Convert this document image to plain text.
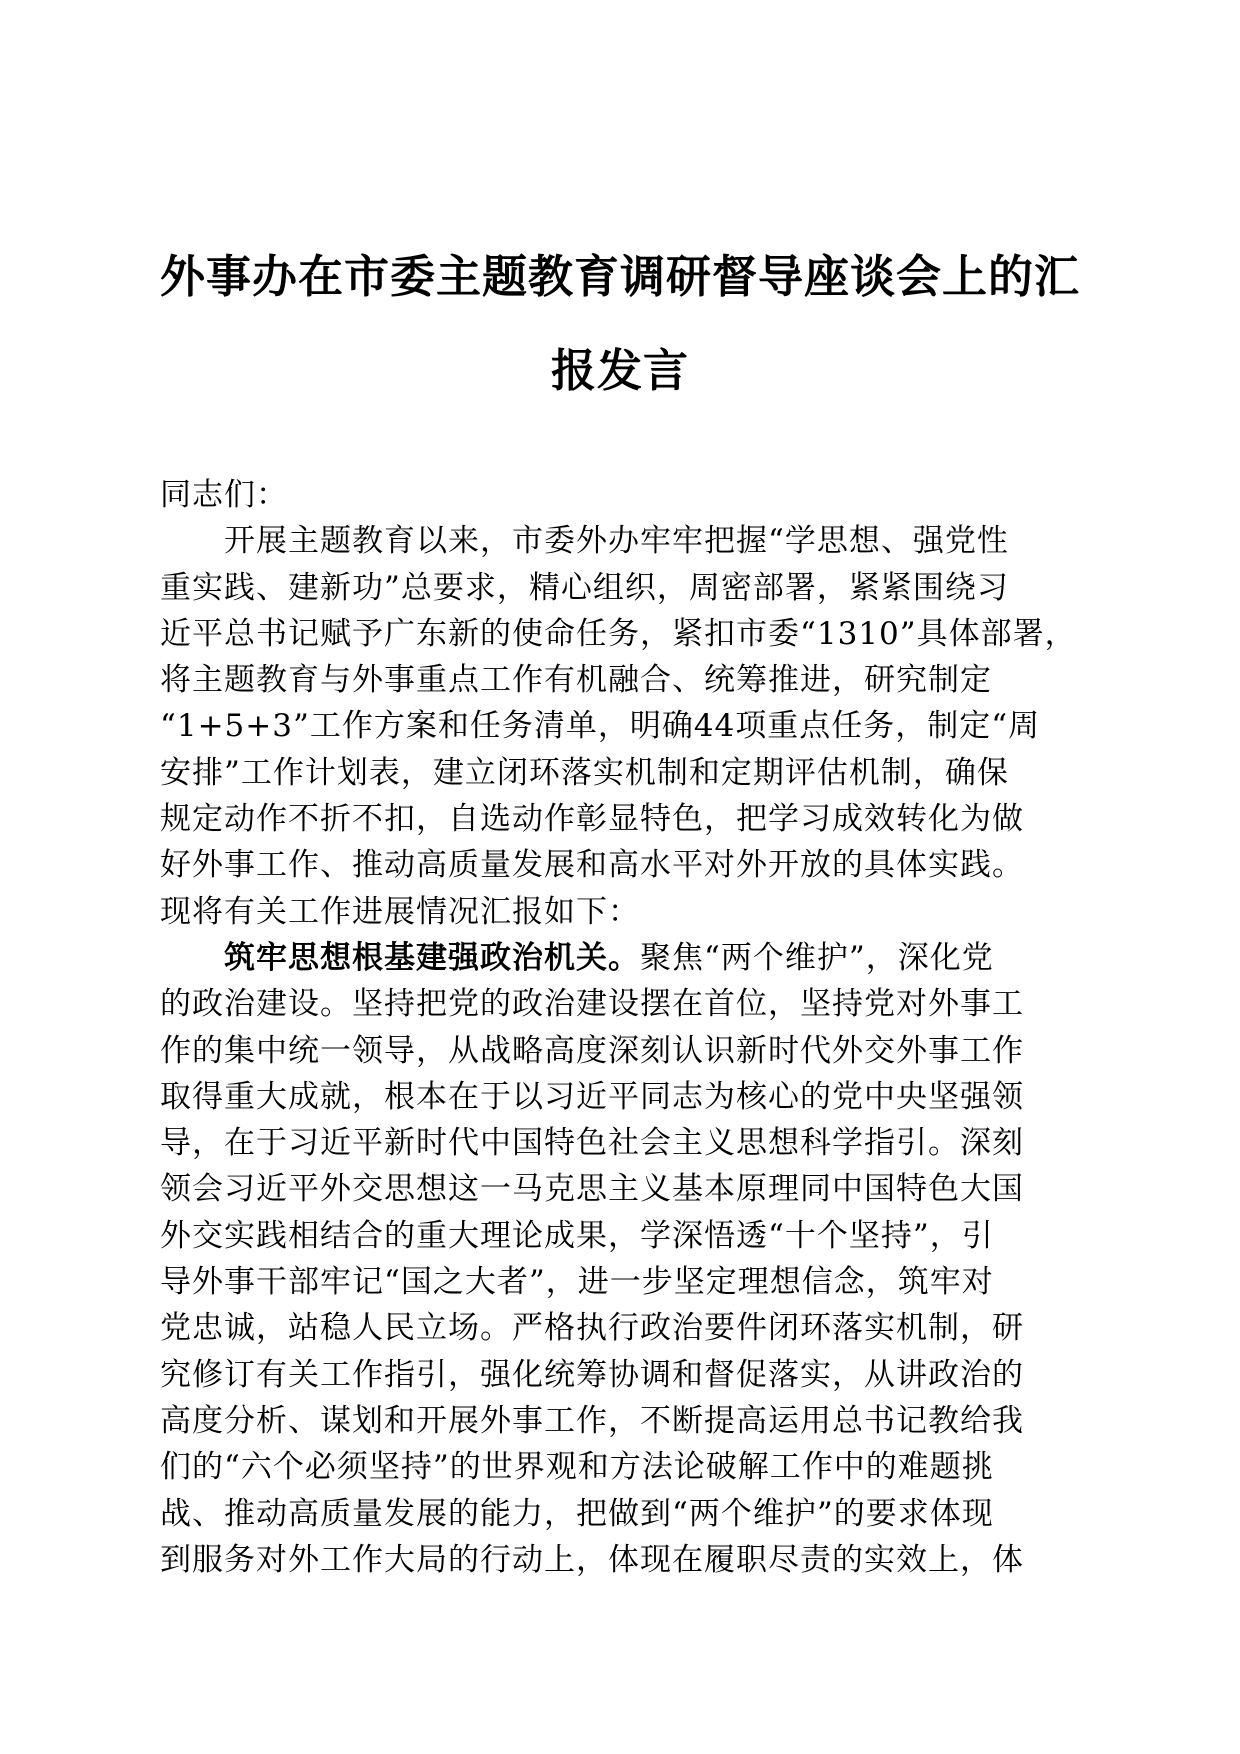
外事办在市委主题教育调研督导座谈会上的汇
报发言
同志们：
开展主题教育以来，市委外办牢牢把握“学思想、强党性
重实践、建新功”总要求，精心组织，周密部署，紧紧围绕习
近平总书记赋予广东新的使命任务，紧扣市委“1310”具体部署，
将主题教育与外事重点工作有机融合、统筹推进，研究制定
“1+5+3”工作方案和任务清单，明确44项重点任务，制定“周
安排”工作计划表，建立闭环落实机制和定期评估机制，确保
规定动作不折不扣，自选动作彰显特色，把学习成效转化为做
好外事工作、推动高质量发展和高水平对外开放的具体实践。
现将有关工作进展情况汇报如下：
筑牢思想根基建强政治机关。聚焦“两个维护”，深化党
的政治建设。坚持把党的政治建设摆在首位，坚持党对外事工
作的集中统一领导，从战略高度深刻认识新时代外交外事工作
取得重大成就，根本在于以习近平同志为核心的党中央坚强领
导，在于习近平新时代中国特色社会主义思想科学指引。深刻
领会习近平外交思想这一马克思主义基本原理同中国特色大国
外交实践相结合的重大理论成果，学深悟透“十个坚持”，引
导外事干部牢记“国之大者”，进一步坚定理想信念，筑牢对
党忠诚，站稳人民立场。严格执行政治要件闭环落实机制，研
究修订有关工作指引，强化统筹协调和督促落实，从讲政治的
高度分析、谋划和开展外事工作，不断提高运用总书记教给我
们的“六个必须坚持”的世界观和方法论破解工作中的难题挑
战、推动高质量发展的能力，把做到“两个维护”的要求体现
到服务对外工作大局的行动上，体现在履职尽责的实效上，体
